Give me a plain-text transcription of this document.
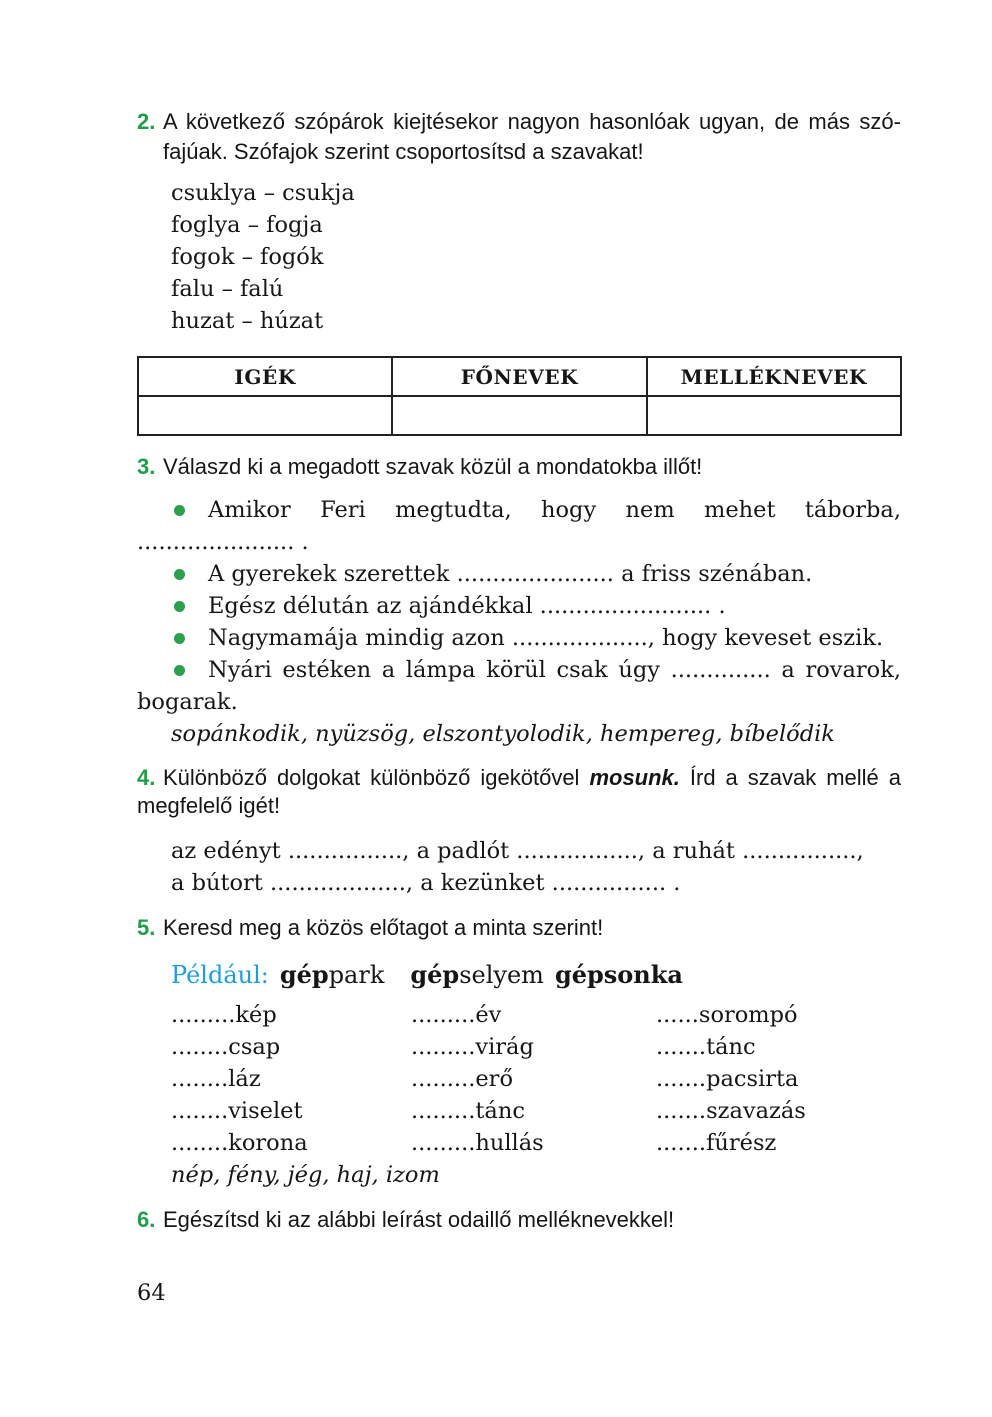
2. A következő szópárok kiejtésekor nagyon hasonlóak ugyan, de más szó-
fajúak. Szófajok szerint csoportosítsd a szavakat!
csuklya – csukja
foglya – fogja
fogok – fogók
falu – falú
huzat – húzat
IGÉK	FŐNEVEK	MELLÉKNEVEK

3. Válaszd ki a megadott szavak közül a mondatokba illőt!
Amikor Feri megtudta, hogy nem mehet táborba,
...................... .
A gyerekek szerettek ...................... a friss szénában.
Egész délután az ajándékkal ........................ .
Nagymamája mindig azon ..................., hogy keveset eszik.
Nyári estéken a lámpa körül csak úgy .............. a rovarok,
bogarak.
sopánkodik, nyüzsög, elszontyolodik, hempereg, bíbelődik
4. Különböző dolgokat különböző igekötővel mosunk. Írd a szavak mellé a
megfelelő igét!
az edényt ................, a padlót ................., a ruhát ................,
a bútort ..................., a kezünket ................ .
5. Keresd meg a közös előtagot a minta szerint!
Például: géppark gépselyem gépsonka
.........kép	.........év	......sorompó
........csap	.........virág	.......tánc
........láz	.........erő	.......pacsirta
........viselet	.........tánc	.......szavazás
........korona	.........hullás	.......fűrész
nép, fény, jég, haj, izom
6. Egészítsd ki az alábbi leírást odaillő melléknevekkel!
64
